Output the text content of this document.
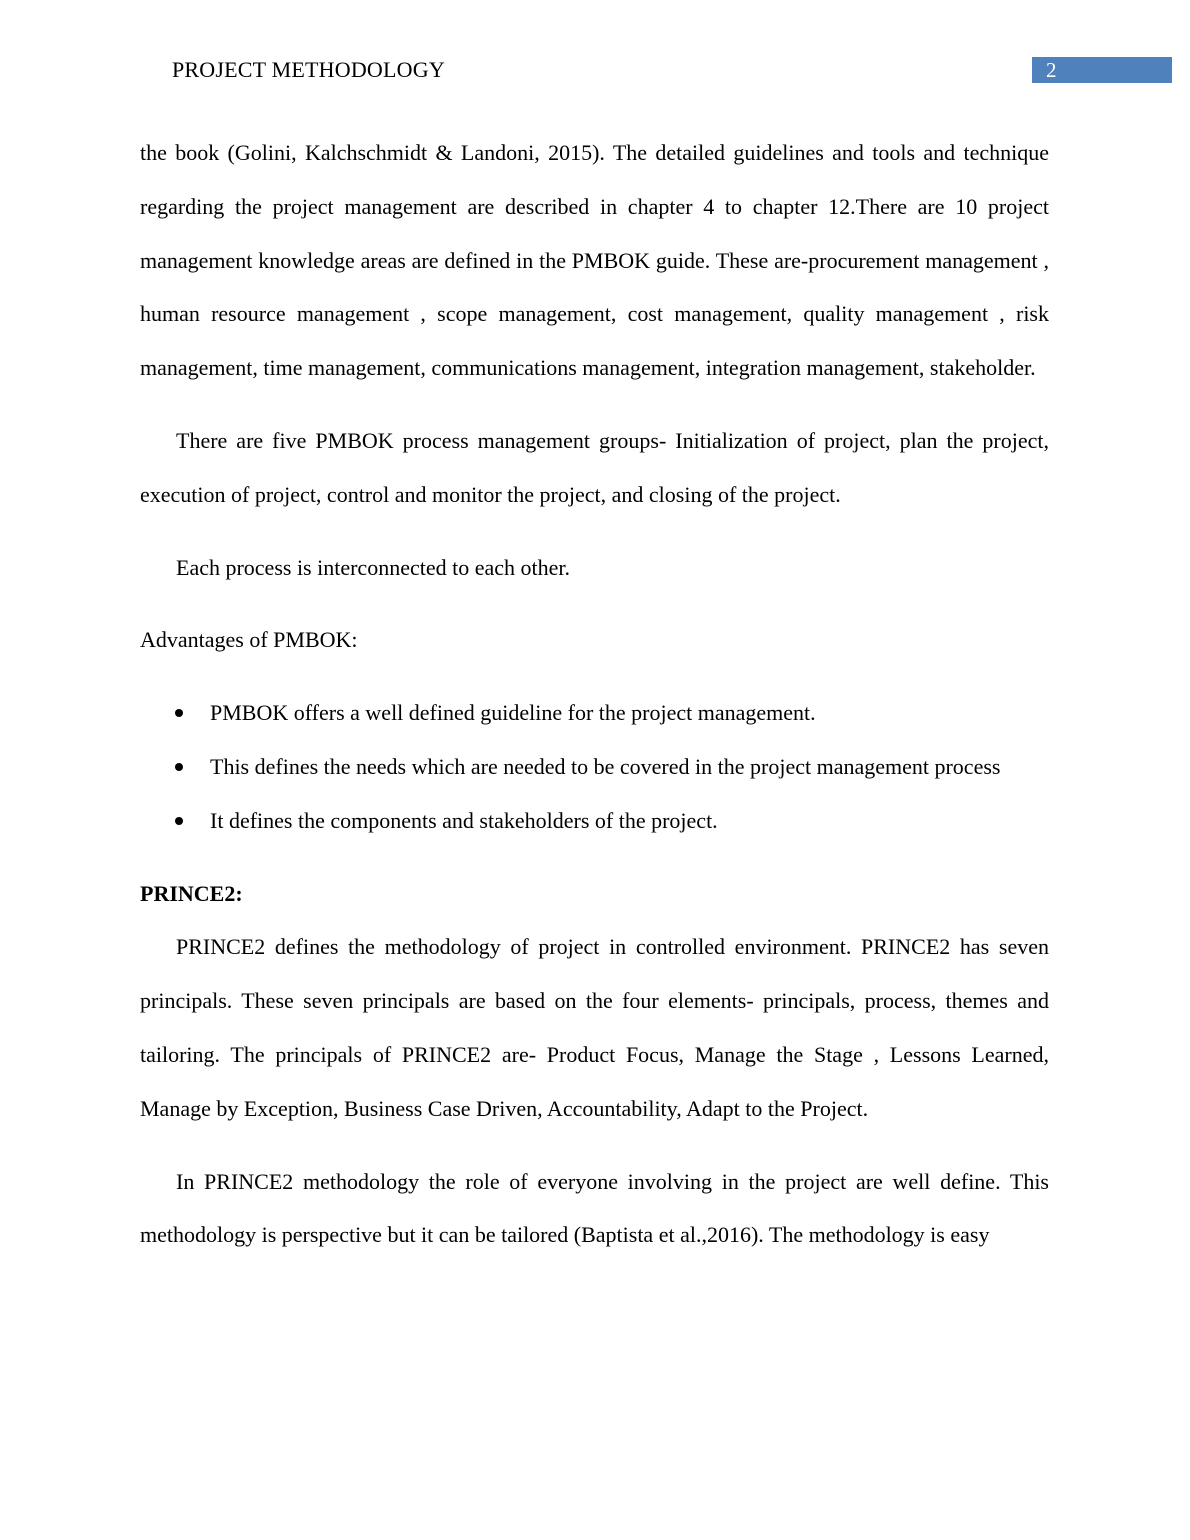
PROJECT METHODOLOGY	2

the book (Golini, Kalchschmidt & Landoni, 2015). The detailed guidelines and tools and technique regarding the project management are described in chapter 4 to chapter 12.There are 10 project management knowledge areas are defined in the PMBOK guide. These are-procurement management , human resource management , scope management, cost management, quality management , risk management, time management, communications management, integration management, stakeholder.

There are five PMBOK process management groups- Initialization of project, plan the project, execution of project, control and monitor the project, and closing of the project.

Each process is interconnected to each other.

Advantages of PMBOK:

PMBOK offers a well defined guideline for the project management.
This defines the needs which are needed to be covered in the project management process
It defines the components and stakeholders of the project.

PRINCE2:

PRINCE2 defines the methodology of project in controlled environment. PRINCE2 has seven principals. These seven principals are based on the four elements- principals, process, themes and tailoring. The principals of PRINCE2 are- Product Focus, Manage the Stage , Lessons Learned, Manage by Exception, Business Case Driven, Accountability, Adapt to the Project.

In PRINCE2 methodology the role of everyone involving in the project are well define. This methodology is perspective but it can be tailored (Baptista et al.,2016). The methodology is easy
